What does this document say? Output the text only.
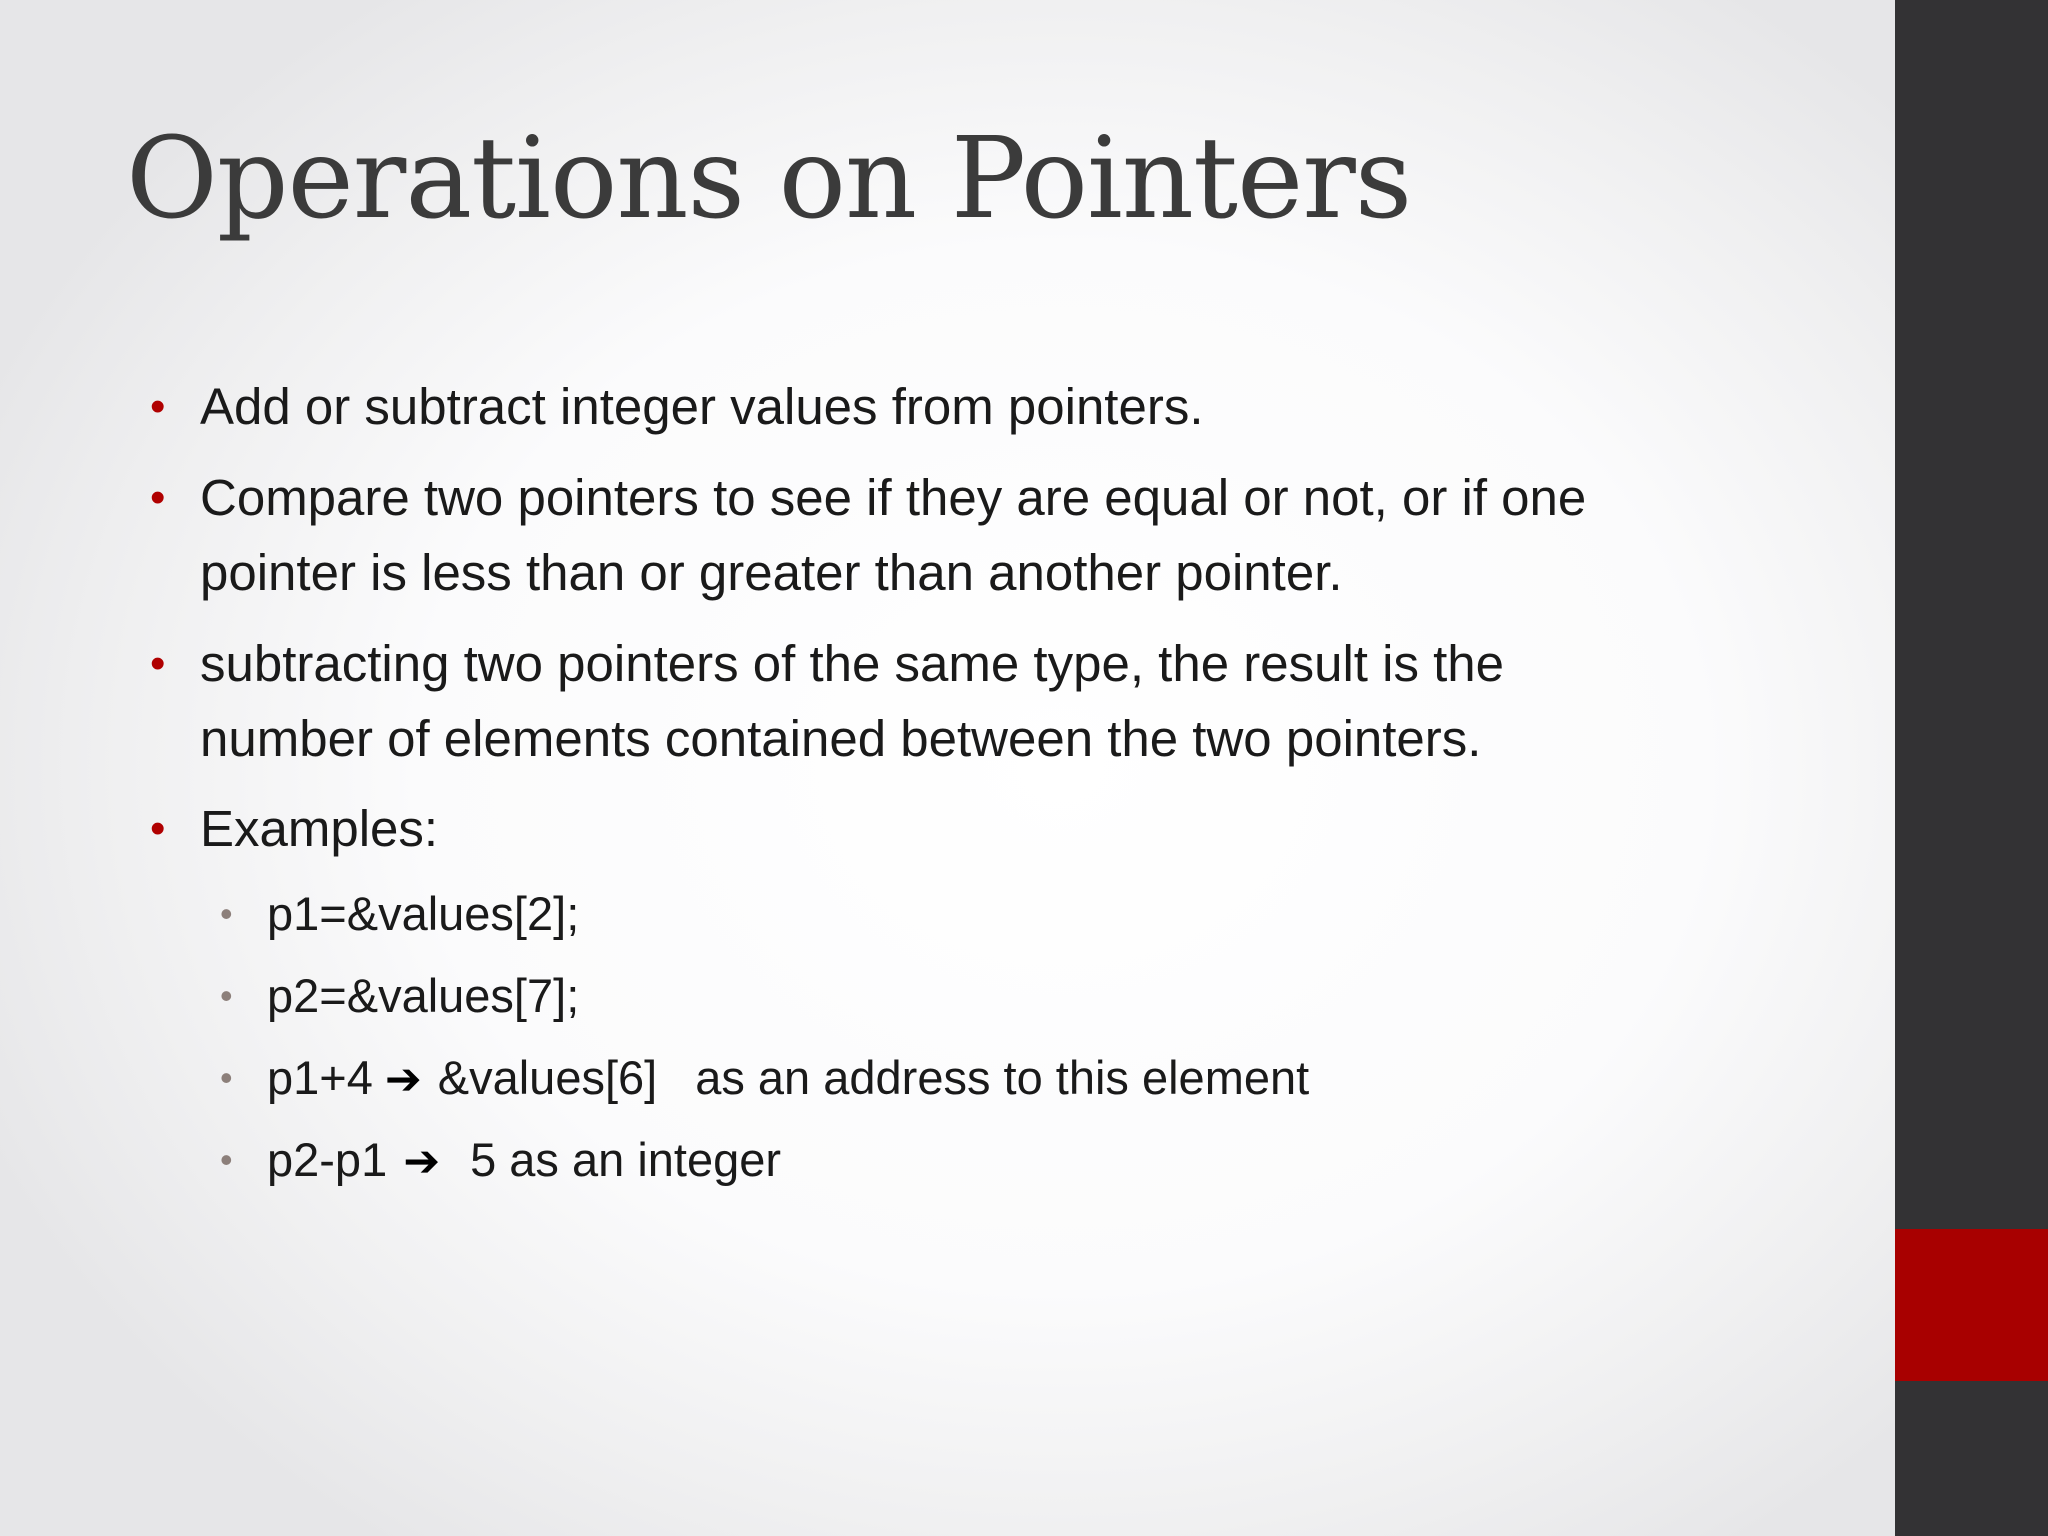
Operations on Pointers
• Add or subtract integer values from pointers.
• Compare two pointers to see if they are equal or not, or if one
pointer is less than or greater than another pointer.
• subtracting two pointers of the same type, the result is the
number of elements contained between the two pointers.
• Examples:
• p1=&values[2];
• p2=&values[7];
• p1+4 ➔ &values[6] as an address to this element
• p2-p1 ➔ 5 as an integer
